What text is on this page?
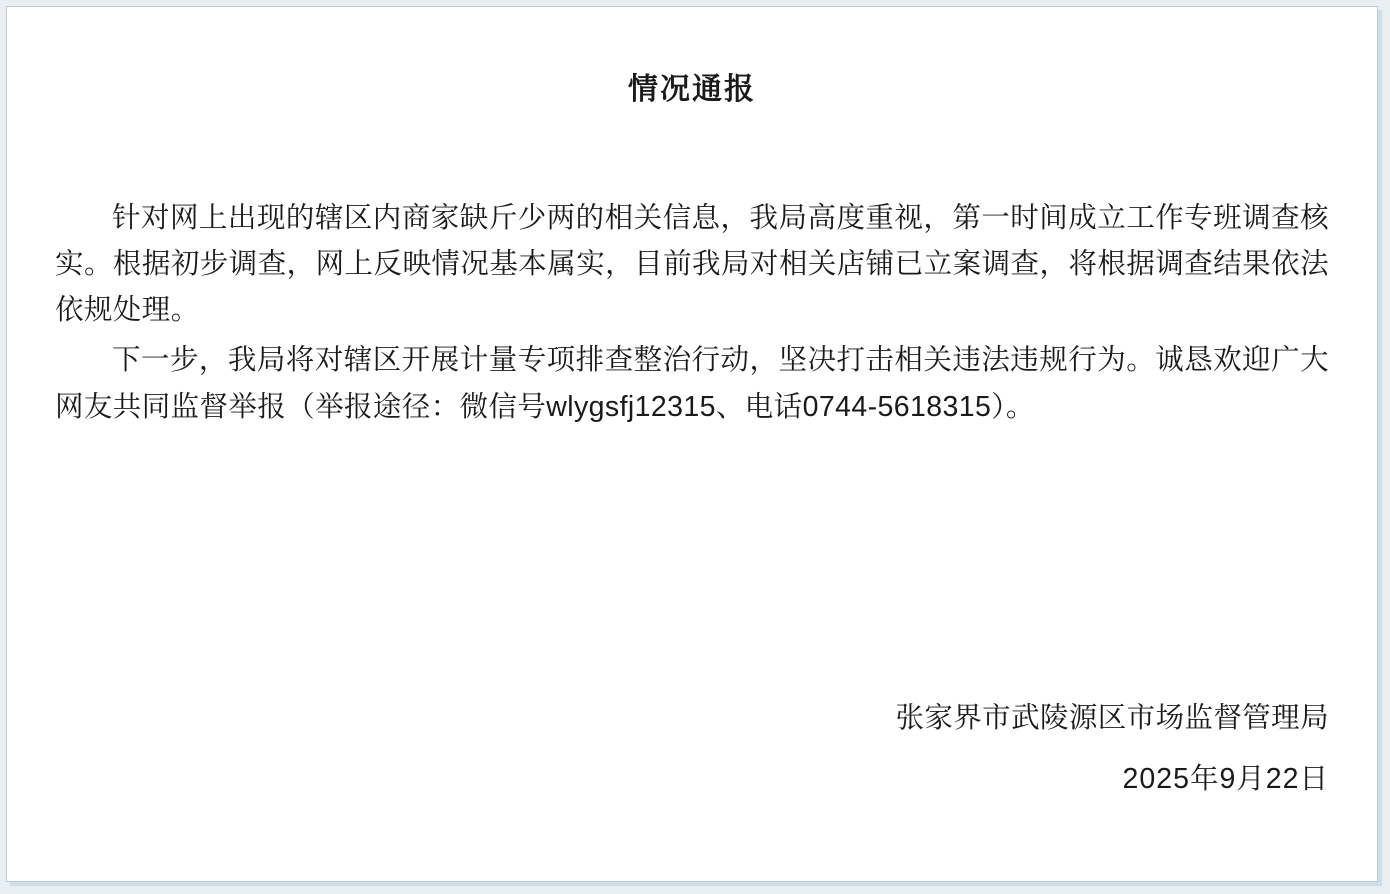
情况通报

针对网上出现的辖区内商家缺斤少两的相关信息，我局高度重视，第一时间成立工作专班调查核实。根据初步调查，网上反映情况基本属实，目前我局对相关店铺已立案调查，将根据调查结果依法依规处理。

下一步，我局将对辖区开展计量专项排查整治行动，坚决打击相关违法违规行为。诚恳欢迎广大网友共同监督举报（举报途径：微信号wlygsfj12315、电话0744-5618315）。

张家界市武陵源区市场监督管理局
2025年9月22日
